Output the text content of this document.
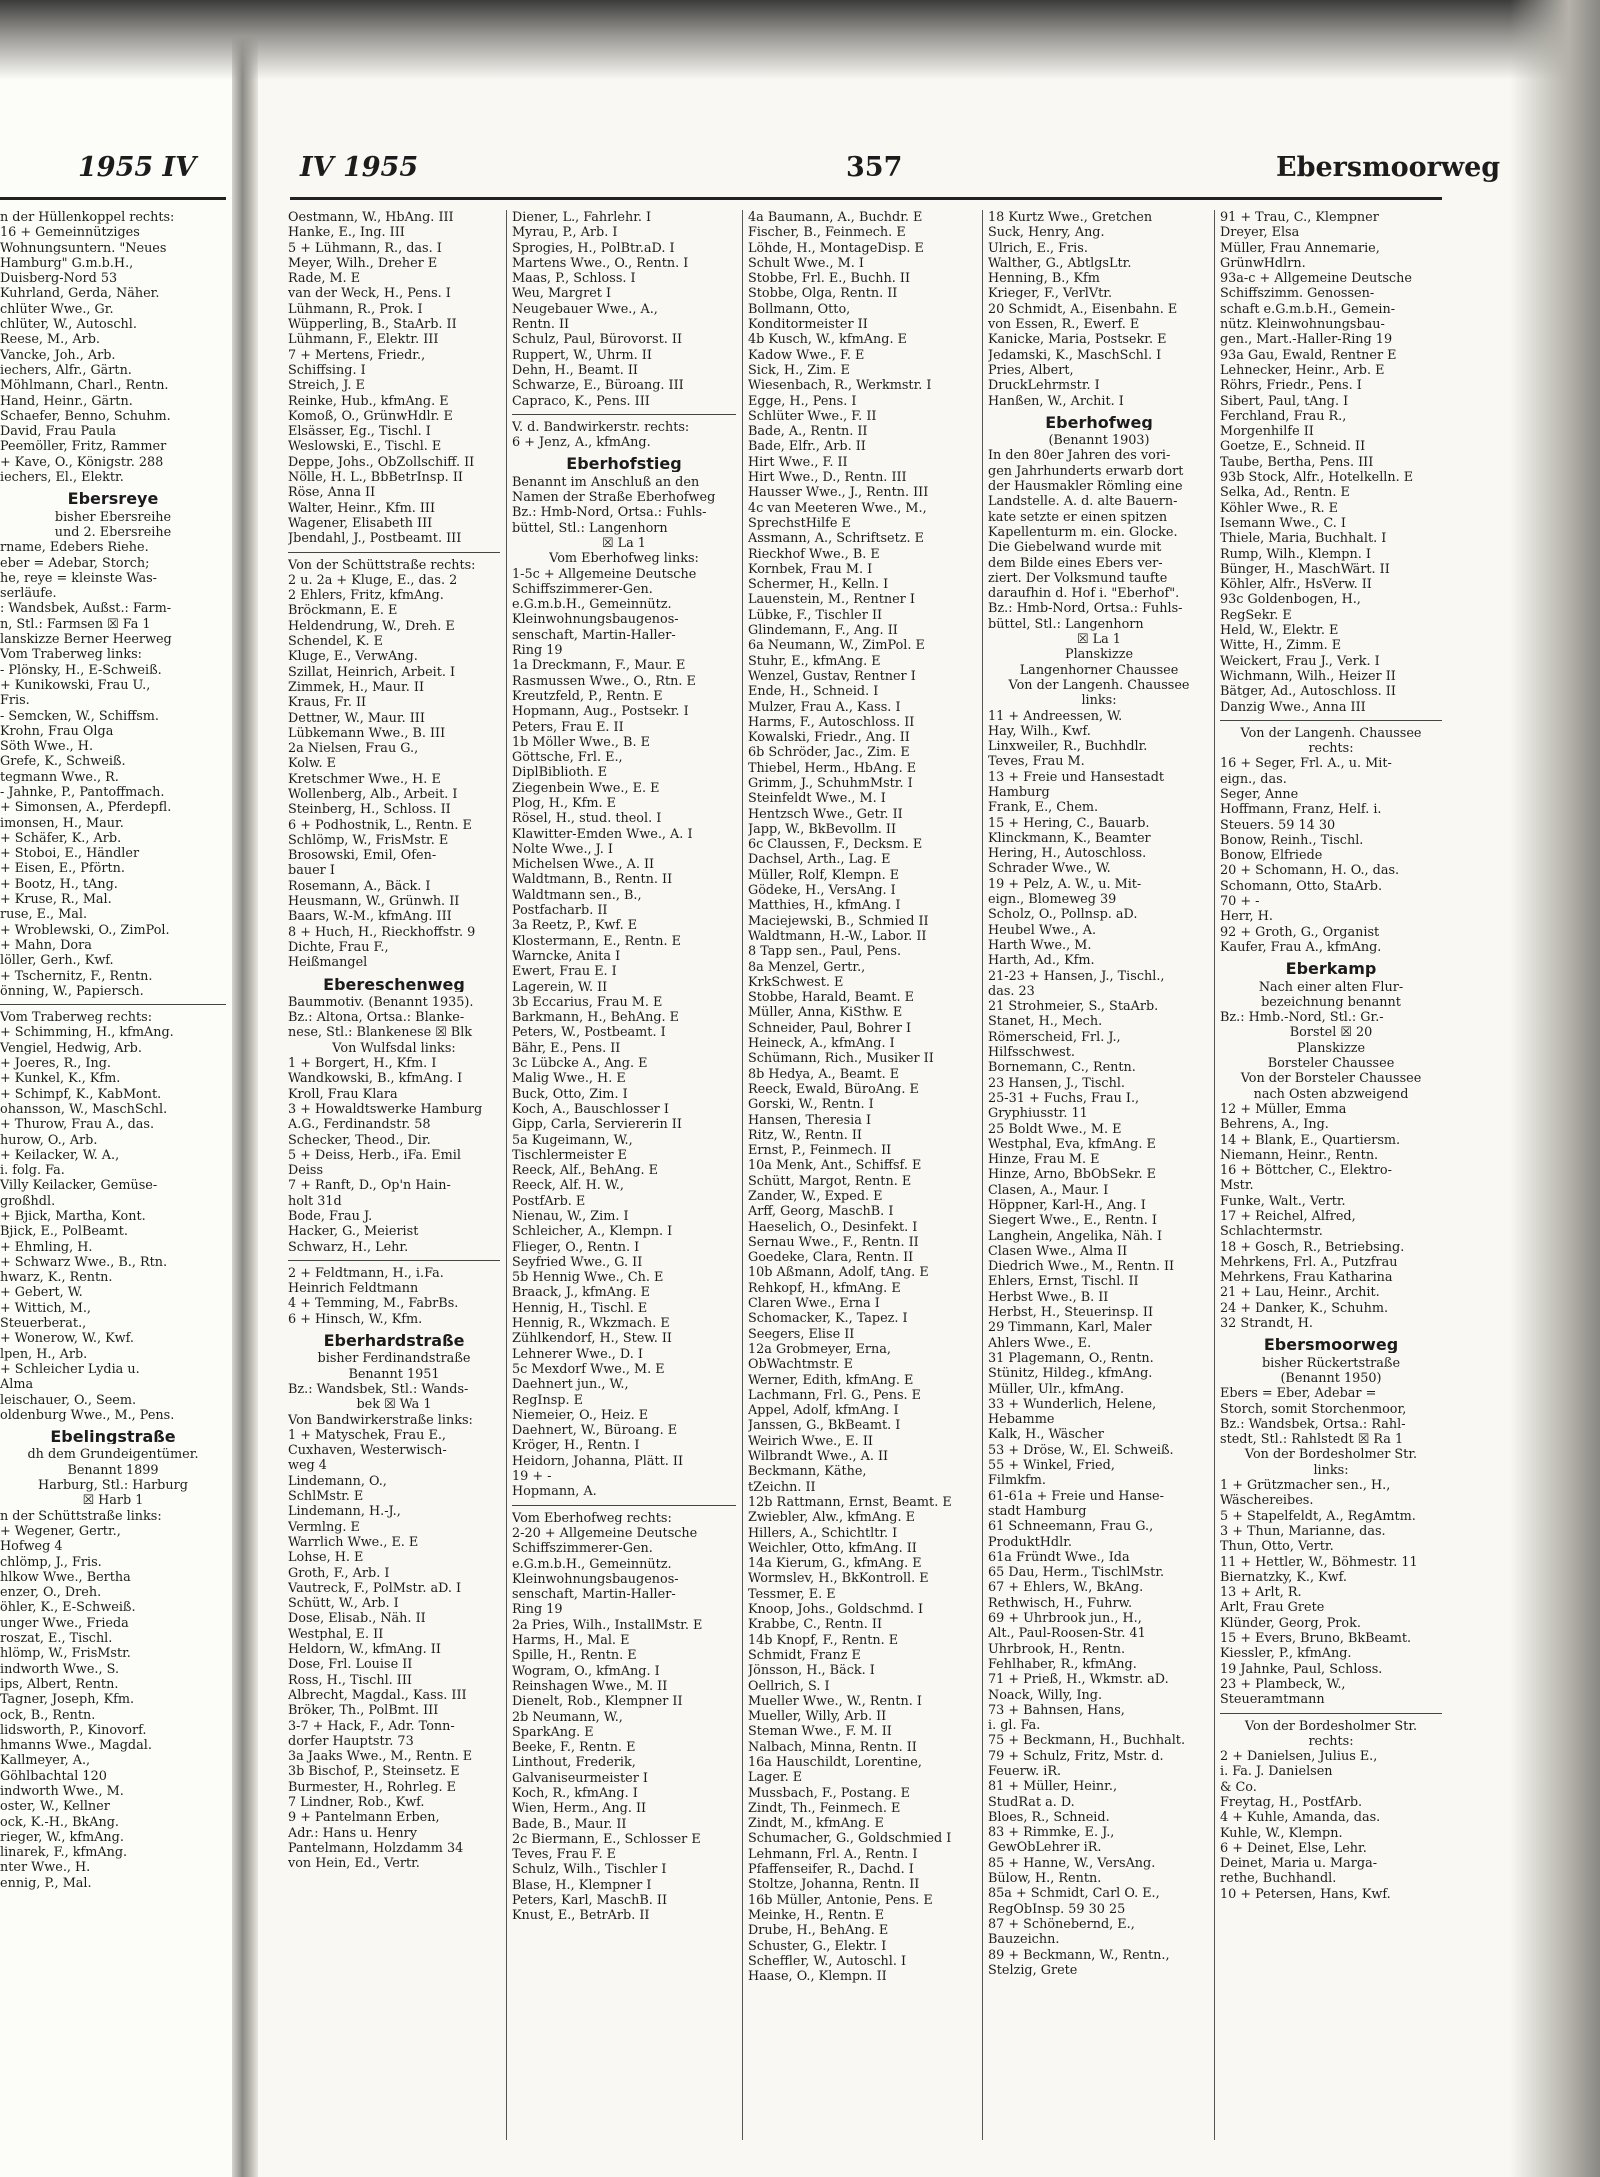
1955 IV	IV 1955	357	Ebersmoorweg
n der Hüllenkoppel rechts:
16 + Gemeinnütziges
Wohnungsuntern. "Neues
Hamburg" G.m.b.H.,
Duisberg-Nord 53
Kuhrland, Gerda, Näher.
chlüter Wwe., Gr.
chlüter, W., Autoschl.
Reese, M., Arb.
Vancke, Joh., Arb.
iechers, Alfr., Gärtn.
Möhlmann, Charl., Rentn.
Hand, Heinr., Gärtn.
Schaefer, Benno, Schuhm.
David, Frau Paula
Peemöller, Fritz, Rammer
+ Kave, O., Königstr. 288
iechers, El., Elektr.
Ebersreye
bisher Ebersreihe
und 2. Ebersreihe
rname, Edebers Riehe.
eber = Adebar, Storch;
he, reye = kleinste Was-
serläufe.
: Wandsbek, Außst.: Farm-
n, Stl.: Farmsen ☒ Fa 1
lanskizze Berner Heerweg
Vom Traberweg links:
- Plönsky, H., E-Schweiß.
+ Kunikowski, Frau U.,
Fris.
- Semcken, W., Schiffsm.
Krohn, Frau Olga
Söth Wwe., H.
Grefe, K., Schweiß.
tegmann Wwe., R.
- Jahnke, P., Pantoffmach.
+ Simonsen, A., Pferdepfl.
imonsen, H., Maur.
+ Schäfer, K., Arb.
+ Stoboi, E., Händler
+ Eisen, E., Pförtn.
+ Bootz, H., tAng.
+ Kruse, R., Mal.
ruse, E., Mal.
+ Wroblewski, O., ZimPol.
+ Mahn, Dora
löller, Gerh., Kwf.
+ Tschernitz, F., Rentn.
önning, W., Papiersch.
Vom Traberweg rechts:
+ Schimming, H., kfmAng.
Vengiel, Hedwig, Arb.
+ Joeres, R., Ing.
+ Kunkel, K., Kfm.
+ Schimpf, K., KabMont.
ohansson, W., MaschSchl.
+ Thurow, Frau A., das.
hurow, O., Arb.
+ Keilacker, W. A.,
i. folg. Fa.
Villy Keilacker, Gemüse-
großhdl.
+ Bjick, Martha, Kont.
Bjick, E., PolBeamt.
+ Ehmling, H.
+ Schwarz Wwe., B., Rtn.
hwarz, K., Rentn.
+ Gebert, W.
+ Wittich, M.,
Steuerberat.,
+ Wonerow, W., Kwf.
lpen, H., Arb.
+ Schleicher Lydia u.
Alma
leischauer, O., Seem.
oldenburg Wwe., M., Pens.
Ebelingstraße
dh dem Grundeigentümer.
Benannt 1899
Harburg, Stl.: Harburg
☒ Harb 1
n der Schüttstraße links:
+ Wegener, Gertr.,
Hofweg 4
chlömp, J., Fris.
hlkow Wwe., Bertha
enzer, O., Dreh.
öhler, K., E-Schweiß.
unger Wwe., Frieda
roszat, E., Tischl.
hlömp, W., FrisMstr.
indworth Wwe., S.
ips, Albert, Rentn.
Tagner, Joseph, Kfm.
ock, B., Rentn.
lidsworth, P., Kinovorf.
hmanns Wwe., Magdal.
Kallmeyer, A.,
Göhlbachtal 120
indworth Wwe., M.
oster, W., Kellner
ock, K.-H., BkAng.
rieger, W., kfmAng.
linarek, F., kfmAng.
nter Wwe., H.
ennig, P., Mal.
Oestmann, W., HbAng. III
Hanke, E., Ing. III
5 + Lühmann, R., das. I
Meyer, Wilh., Dreher E
Rade, M. E
van der Weck, H., Pens. I
Lühmann, R., Prok. I
Wüpperling, B., StaArb. II
Lühmann, F., Elektr. III
7 + Mertens, Friedr.,
Schiffsing. I
Streich, J. E
Reinke, Hub., kfmAng. E
Komoß, O., GrünwHdlr. E
Elsässer, Eg., Tischl. I
Weslowski, E., Tischl. E
Deppe, Johs., ObZollschiff. II
Nölle, H. L., BbBetrInsp. II
Röse, Anna II
Walter, Heinr., Kfm. III
Wagener, Elisabeth III
Jbendahl, J., Postbeamt. III
Von der Schüttstraße rechts:
2 u. 2a + Kluge, E., das. 2
2 Ehlers, Fritz, kfmAng.
Bröckmann, E. E
Heldendrung, W., Dreh. E
Schendel, K. E
Kluge, E., VerwAng.
Szillat, Heinrich, Arbeit. I
Zimmek, H., Maur. II
Kraus, Fr. II
Dettner, W., Maur. III
Lübkemann Wwe., B. III
2a Nielsen, Frau G.,
Kolw. E
Kretschmer Wwe., H. E
Wollenberg, Alb., Arbeit. I
Steinberg, H., Schloss. II
6 + Podhostnik, L., Rentn. E
Schlömp, W., FrisMstr. E
Brosowski, Emil, Ofen-
bauer I
Rosemann, A., Bäck. I
Heusmann, W., Grünwh. II
Baars, W.-M., kfmAng. III
8 + Huch, H., Rieckhoffstr. 9
Dichte, Frau F.,
Heißmangel
Ebereschenweg
Baummotiv. (Benannt 1935).
Bz.: Altona, Ortsa.: Blanke-
nese, Stl.: Blankenese ☒ Blk
Von Wulfsdal links:
1 + Borgert, H., Kfm. I
Wandkowski, B., kfmAng. I
Kroll, Frau Klara
3 + Howaldtswerke Hamburg
A.G., Ferdinandstr. 58
Schecker, Theod., Dir.
5 + Deiss, Herb., iFa. Emil
Deiss
7 + Ranft, D., Op'n Hain-
holt 31d
Bode, Frau J.
Hacker, G., Meierist
Schwarz, H., Lehr.
2 + Feldtmann, H., i.Fa.
Heinrich Feldtmann
4 + Temming, M., FabrBs.
6 + Hinsch, W., Kfm.
Eberhardstraße
bisher Ferdinandstraße
Benannt 1951
Bz.: Wandsbek, Stl.: Wands-
bek ☒ Wa 1
Von Bandwirkerstraße links:
1 + Matyschek, Frau E.,
Cuxhaven, Westerwisch-
weg 4
Lindemann, O.,
SchlMstr. E
Lindemann, H.-J.,
Vermlng. E
Warrlich Wwe., E. E
Lohse, H. E
Groth, F., Arb. I
Vautreck, F., PolMstr. aD. I
Schütt, W., Arb. I
Dose, Elisab., Näh. II
Westphal, E. II
Heldorn, W., kfmAng. II
Dose, Frl. Louise II
Ross, H., Tischl. III
Albrecht, Magdal., Kass. III
Bröker, Th., PolBmt. III
3-7 + Hack, F., Adr. Tonn-
dorfer Hauptstr. 73
3a Jaaks Wwe., M., Rentn. E
3b Bischof, P., Steinsetz. E
Burmester, H., Rohrleg. E
7 Lindner, Rob., Kwf.
9 + Pantelmann Erben,
Adr.: Hans u. Henry
Pantelmann, Holzdamm 34
von Hein, Ed., Vertr.
Diener, L., Fahrlehr. I
Myrau, P., Arb. I
Sprogies, H., PolBtr.aD. I
Martens Wwe., O., Rentn. I
Maas, P., Schloss. I
Weu, Margret I
Neugebauer Wwe., A.,
Rentn. II
Schulz, Paul, Bürovorst. II
Ruppert, W., Uhrm. II
Dehn, H., Beamt. II
Schwarze, E., Büroang. III
Capraco, K., Pens. III
V. d. Bandwirkerstr. rechts:
6 + Jenz, A., kfmAng.
Eberhofstieg
Benannt im Anschluß an den
Namen der Straße Eberhofweg
Bz.: Hmb-Nord, Ortsa.: Fuhls-
büttel, Stl.: Langenhorn
☒ La 1
Vom Eberhofweg links:
1-5c + Allgemeine Deutsche
Schiffszimmerer-Gen.
e.G.m.b.H., Gemeinnütz.
Kleinwohnungsbaugenos-
senschaft, Martin-Haller-
Ring 19
1a Dreckmann, F., Maur. E
Rasmussen Wwe., O., Rtn. E
Kreutzfeld, P., Rentn. E
Hopmann, Aug., Postsekr. I
Peters, Frau E. II
1b Möller Wwe., B. E
Göttsche, Frl. E.,
DiplBiblioth. E
Ziegenbein Wwe., E. E
Plog, H., Kfm. E
Rösel, H., stud. theol. I
Klawitter-Emden Wwe., A. I
Nolte Wwe., J. I
Michelsen Wwe., A. II
Waldtmann, B., Rentn. II
Waldtmann sen., B.,
Postfacharb. II
3a Reetz, P., Kwf. E
Klostermann, E., Rentn. E
Warncke, Anita I
Ewert, Frau E. I
Lagerein, W. II
3b Eccarius, Frau M. E
Barkmann, H., BehAng. E
Peters, W., Postbeamt. I
Bähr, E., Pens. II
3c Lübcke A., Ang. E
Malig Wwe., H. E
Buck, Otto, Zim. I
Koch, A., Bauschlosser I
Gipp, Carla, Serviererin II
5a Kugeimann, W.,
Tischlermeister E
Reeck, Alf., BehAng. E
Reeck, Alf. H. W.,
PostfArb. E
Nienau, W., Zim. I
Schleicher, A., Klempn. I
Flieger, O., Rentn. I
Seyfried Wwe., G. II
5b Hennig Wwe., Ch. E
Braack, J., kfmAng. E
Hennig, H., Tischl. E
Hennig, R., Wkzmach. E
Zühlkendorf, H., Stew. II
Lehnerer Wwe., D. I
5c Mexdorf Wwe., M. E
Daehnert jun., W.,
RegInsp. E
Niemeier, O., Heiz. E
Daehnert, W., Büroang. E
Kröger, H., Rentn. I
Heidorn, Johanna, Plätt. II
19 + -
Hopmann, A.
Vom Eberhofweg rechts:
2-20 + Allgemeine Deutsche
Schiffszimmerer-Gen.
e.G.m.b.H., Gemeinnütz.
Kleinwohnungsbaugenos-
senschaft, Martin-Haller-
Ring 19
2a Pries, Wilh., InstallMstr. E
Harms, H., Mal. E
Spille, H., Rentn. E
Wogram, O., kfmAng. I
Reinshagen Wwe., M. II
Dienelt, Rob., Klempner II
2b Neumann, W.,
SparkAng. E
Beeke, F., Rentn. E
Linthout, Frederik,
Galvaniseurmeister I
Koch, R., kfmAng. I
Wien, Herm., Ang. II
Bade, B., Maur. II
2c Biermann, E., Schlosser E
Teves, Frau F. E
Schulz, Wilh., Tischler I
Blase, H., Klempner I
Peters, Karl, MaschB. II
Knust, E., BetrArb. II
4a Baumann, A., Buchdr. E
Fischer, B., Feinmech. E
Löhde, H., MontageDisp. E
Schult Wwe., M. I
Stobbe, Frl. E., Buchh. II
Stobbe, Olga, Rentn. II
Bollmann, Otto,
Konditormeister II
4b Kusch, W., kfmAng. E
Kadow Wwe., F. E
Sick, H., Zim. E
Wiesenbach, R., Werkmstr. I
Egge, H., Pens. I
Schlüter Wwe., F. II
Bade, A., Rentn. II
Bade, Elfr., Arb. II
Hirt Wwe., F. II
Hirt Wwe., D., Rentn. III
Hausser Wwe., J., Rentn. III
4c van Meeteren Wwe., M.,
SprechstHilfe E
Assmann, A., Schriftsetz. E
Rieckhof Wwe., B. E
Kornbek, Frau M. I
Schermer, H., Kelln. I
Lauenstein, M., Rentner I
Lübke, F., Tischler II
Glindemann, F., Ang. II
6a Neumann, W., ZimPol. E
Stuhr, E., kfmAng. E
Wenzel, Gustav, Rentner I
Ende, H., Schneid. I
Mulzer, Frau A., Kass. I
Harms, F., Autoschloss. II
Kowalski, Friedr., Ang. II
6b Schröder, Jac., Zim. E
Thiebel, Herm., HbAng. E
Grimm, J., SchuhmMstr. I
Steinfeldt Wwe., M. I
Hentzsch Wwe., Getr. II
Japp, W., BkBevollm. II
6c Claussen, F., Decksm. E
Dachsel, Arth., Lag. E
Müller, Rolf, Klempn. E
Gödeke, H., VersAng. I
Matthies, H., kfmAng. I
Maciejewski, B., Schmied II
Waldtmann, H.-W., Labor. II
8 Tapp sen., Paul, Pens.
8a Menzel, Gertr.,
KrkSchwest. E
Stobbe, Harald, Beamt. E
Müller, Anna, KiSthw. E
Schneider, Paul, Bohrer I
Heineck, A., kfmAng. I
Schümann, Rich., Musiker II
8b Hedya, A., Beamt. E
Reeck, Ewald, BüroAng. E
Gorski, W., Rentn. I
Hansen, Theresia I
Ritz, W., Rentn. II
Ernst, P., Feinmech. II
10a Menk, Ant., Schiffsf. E
Schütt, Margot, Rentn. E
Zander, W., Exped. E
Arff, Georg, MaschB. I
Haeselich, O., Desinfekt. I
Sernau Wwe., F., Rentn. II
Goedeke, Clara, Rentn. II
10b Aßmann, Adolf, tAng. E
Rehkopf, H., kfmAng. E
Claren Wwe., Erna I
Schomacker, K., Tapez. I
Seegers, Elise II
12a Grobmeyer, Erna,
ObWachtmstr. E
Werner, Edith, kfmAng. E
Lachmann, Frl. G., Pens. E
Appel, Adolf, kfmAng. I
Janssen, G., BkBeamt. I
Weirich Wwe., E. II
Wilbrandt Wwe., A. II
Beckmann, Käthe,
tZeichn. II
12b Rattmann, Ernst, Beamt. E
Zwiebler, Alw., kfmAng. E
Hillers, A., Schichtltr. I
Weichler, Otto, kfmAng. II
14a Kierum, G., kfmAng. E
Wormslev, H., BkKontroll. E
Tessmer, E. E
Knoop, Johs., Goldschmd. I
Krabbe, C., Rentn. II
14b Knopf, F., Rentn. E
Schmidt, Franz E
Jönsson, H., Bäck. I
Oellrich, S. I
Mueller Wwe., W., Rentn. I
Mueller, Willy, Arb. II
Steman Wwe., F. M. II
Nalbach, Minna, Rentn. II
16a Hauschildt, Lorentine,
Lager. E
Mussbach, F., Postang. E
Zindt, Th., Feinmech. E
Zindt, M., kfmAng. E
Schumacher, G., Goldschmied I
Lehmann, Frl. A., Rentn. I
Pfaffenseifer, R., Dachd. I
Stoltze, Johanna, Rentn. II
16b Müller, Antonie, Pens. E
Meinke, H., Rentn. E
Drube, H., BehAng. E
Schuster, G., Elektr. I
Scheffler, W., Autoschl. I
Haase, O., Klempn. II
18 Kurtz Wwe., Gretchen
Suck, Henry, Ang.
Ulrich, E., Fris.
Walther, G., AbtlgsLtr.
Henning, B., Kfm
Krieger, F., VerlVtr.
20 Schmidt, A., Eisenbahn. E
von Essen, R., Ewerf. E
Kanicke, Maria, Postsekr. E
Jedamski, K., MaschSchl. I
Pries, Albert,
DruckLehrmstr. I
Hanßen, W., Archit. I
Eberhofweg
(Benannt 1903)
In den 80er Jahren des vori-
gen Jahrhunderts erwarb dort
der Hausmakler Römling eine
Landstelle. A. d. alte Bauern-
kate setzte er einen spitzen
Kapellenturm m. ein. Glocke.
Die Giebelwand wurde mit
dem Bilde eines Ebers ver-
ziert. Der Volksmund taufte
daraufhin d. Hof i. "Eberhof".
Bz.: Hmb-Nord, Ortsa.: Fuhls-
büttel, Stl.: Langenhorn
☒ La 1
Planskizze
Langenhorner Chaussee
Von der Langenh. Chaussee
links:
11 + Andreessen, W.
Hay, Wilh., Kwf.
Linxweiler, R., Buchhdlr.
Teves, Frau M.
13 + Freie und Hansestadt
Hamburg
Frank, E., Chem.
15 + Hering, C., Bauarb.
Klinckmann, K., Beamter
Hering, H., Autoschloss.
Schrader Wwe., W.
19 + Pelz, A. W., u. Mit-
eign., Blomeweg 39
Scholz, O., Pollnsp. aD.
Heubel Wwe., A.
Harth Wwe., M.
Harth, Ad., Kfm.
21-23 + Hansen, J., Tischl.,
das. 23
21 Strohmeier, S., StaArb.
Stanet, H., Mech.
Römerscheid, Frl. J.,
Hilfsschwest.
Bornemann, C., Rentn.
23 Hansen, J., Tischl.
25-31 + Fuchs, Frau I.,
Gryphiusstr. 11
25 Boldt Wwe., M. E
Westphal, Eva, kfmAng. E
Hinze, Frau M. E
Hinze, Arno, BbObSekr. E
Clasen, A., Maur. I
Höppner, Karl-H., Ang. I
Siegert Wwe., E., Rentn. I
Langhein, Angelika, Näh. I
Clasen Wwe., Alma II
Diedrich Wwe., M., Rentn. II
Ehlers, Ernst, Tischl. II
Herbst Wwe., B. II
Herbst, H., Steuerinsp. II
29 Timmann, Karl, Maler
Ahlers Wwe., E.
31 Plagemann, O., Rentn.
Stünitz, Hildeg., kfmAng.
Müller, Ulr., kfmAng.
33 + Wunderlich, Helene,
Hebamme
Kalk, H., Wäscher
53 + Dröse, W., El. Schweiß.
55 + Winkel, Fried,
Filmkfm.
61-61a + Freie und Hanse-
stadt Hamburg
61 Schneemann, Frau G.,
ProduktHdlr.
61a Fründt Wwe., Ida
65 Dau, Herm., TischlMstr.
67 + Ehlers, W., BkAng.
Rethwisch, H., Fuhrw.
69 + Uhrbrook jun., H.,
Alt., Paul-Roosen-Str. 41
Uhrbrook, H., Rentn.
Fehlhaber, R., kfmAng.
71 + Prieß, H., Wkmstr. aD.
Noack, Willy, Ing.
73 + Bahnsen, Hans,
i. gl. Fa.
75 + Beckmann, H., Buchhalt.
79 + Schulz, Fritz, Mstr. d.
Feuerw. iR.
81 + Müller, Heinr.,
StudRat a. D.
Bloes, R., Schneid.
83 + Rimmke, E. J.,
GewObLehrer iR.
85 + Hanne, W., VersAng.
Bülow, H., Rentn.
85a + Schmidt, Carl O. E.,
RegObInsp. 59 30 25
87 + Schönebernd, E.,
Bauzeichn.
89 + Beckmann, W., Rentn.,
Stelzig, Grete
91 + Trau, C., Klempner
Dreyer, Elsa
Müller, Frau Annemarie,
GrünwHdlrn.
93a-c + Allgemeine Deutsche
Schiffszimm. Genossen-
schaft e.G.m.b.H., Gemein-
nütz. Kleinwohnungsbau-
gen., Mart.-Haller-Ring 19
93a Gau, Ewald, Rentner E
Lehnecker, Heinr., Arb. E
Röhrs, Friedr., Pens. I
Sibert, Paul, tAng. I
Ferchland, Frau R.,
Morgenhilfe II
Goetze, E., Schneid. II
Taube, Bertha, Pens. III
93b Stock, Alfr., Hotelkelln. E
Selka, Ad., Rentn. E
Köhler Wwe., R. E
Isemann Wwe., C. I
Thiele, Maria, Buchhalt. I
Rump, Wilh., Klempn. I
Bünger, H., MaschWärt. II
Köhler, Alfr., HsVerw. II
93c Goldenbogen, H.,
RegSekr. E
Held, W., Elektr. E
Witte, H., Zimm. E
Weickert, Frau J., Verk. I
Wichmann, Wilh., Heizer II
Bätger, Ad., Autoschloss. II
Danzig Wwe., Anna III
Von der Langenh. Chaussee
rechts:
16 + Seger, Frl. A., u. Mit-
eign., das.
Seger, Anne
Hoffmann, Franz, Helf. i.
Steuers. 59 14 30
Bonow, Reinh., Tischl.
Bonow, Elfriede
20 + Schomann, H. O., das.
Schomann, Otto, StaArb.
70 + -
Herr, H.
92 + Groth, G., Organist
Kaufer, Frau A., kfmAng.
Eberkamp
Nach einer alten Flur-
bezeichnung benannt
Bz.: Hmb.-Nord, Stl.: Gr.-
Borstel ☒ 20
Planskizze
Borsteler Chaussee
Von der Borsteler Chaussee
nach Osten abzweigend
12 + Müller, Emma
Behrens, A., Ing.
14 + Blank, E., Quartiersm.
Niemann, Heinr., Rentn.
16 + Böttcher, C., Elektro-
Mstr.
Funke, Walt., Vertr.
17 + Reichel, Alfred,
Schlachtermstr.
18 + Gosch, R., Betriebsing.
Mehrkens, Frl. A., Putzfrau
Mehrkens, Frau Katharina
21 + Lau, Heinr., Archit.
24 + Danker, K., Schuhm.
32 Strandt, H.
Ebersmoorweg
bisher Rückertstraße
(Benannt 1950)
Ebers = Eber, Adebar =
Storch, somit Storchenmoor,
Bz.: Wandsbek, Ortsa.: Rahl-
stedt, Stl.: Rahlstedt ☒ Ra 1
Von der Bordesholmer Str.
links:
1 + Grützmacher sen., H.,
Wäschereibes.
5 + Stapelfeldt, A., RegAmtm.
3 + Thun, Marianne, das.
Thun, Otto, Vertr.
11 + Hettler, W., Böhmestr. 11
Biernatzky, K., Kwf.
13 + Arlt, R.
Arlt, Frau Grete
Klünder, Georg, Prok.
15 + Evers, Bruno, BkBeamt.
Kiessler, P., kfmAng.
19 Jahnke, Paul, Schloss.
23 + Plambeck, W.,
Steueramtmann
Von der Bordesholmer Str.
rechts:
2 + Danielsen, Julius E.,
i. Fa. J. Danielsen
& Co.
Freytag, H., PostfArb.
4 + Kuhle, Amanda, das.
Kuhle, W., Klempn.
6 + Deinet, Else, Lehr.
Deinet, Maria u. Marga-
rethe, Buchhandl.
10 + Petersen, Hans, Kwf.
